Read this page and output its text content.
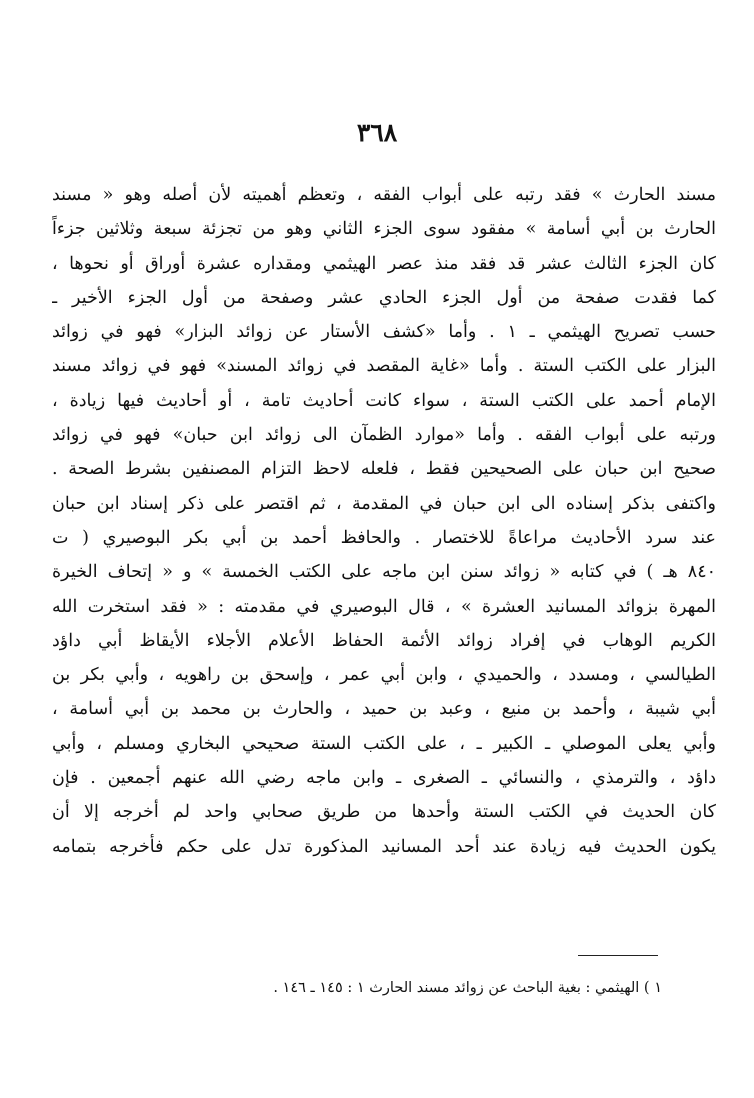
٣٦٨
مسند الحارث » فقد رتبه على أبواب الفقه ، وتعظم أهميته لأن أصله وهو « مسند
الحارث بن أبي أسامة » مفقود سوى الجزء الثاني وهو من تجزئة سبعة وثلاثين جزءاً
كان الجزء الثالث عشر قد فقد منذ عصر الهيثمي ومقداره عشرة أوراق أو نحوها ،
كما فقدت صفحة من أول الجزء الحادي عشر وصفحة من أول الجزء الأخير ـ
حسب تصريح الهيثمي ـ ١ . وأما «كشف الأستار عن زوائد البزار» فهو في زوائد
البزار على الكتب الستة . وأما «غاية المقصد في زوائد المسند» فهو في زوائد مسند
الإمام أحمد على الكتب الستة ، سواء كانت أحاديث تامة ، أو أحاديث فيها زيادة ،
ورتبه على أبواب الفقه . وأما «موارد الظمآن الى زوائد ابن حبان» فهو في زوائد
صحيح ابن حبان على الصحيحين فقط ، فلعله لاحظ التزام المصنفين بشرط الصحة .
واكتفى بذكر إسناده الى ابن حبان في المقدمة ، ثم اقتصر على ذكر إسناد ابن حبان
عند سرد الأحاديث مراعاةً للاختصار . والحافظ أحمد بن أبي بكر البوصيري ( ت
٨٤٠ هـ ) في كتابه « زوائد سنن ابن ماجه على الكتب الخمسة » و « إتحاف الخيرة
المهرة بزوائد المسانيد العشرة » ، قال البوصيري في مقدمته : « فقد استخرت الله
الكريم الوهاب في إفراد زوائد الأئمة الحفاظ الأعلام الأجلاء الأيقاظ أبي داؤد
الطيالسي ، ومسدد ، والحميدي ، وابن أبي عمر ، وإسحق بن راهويه ، وأبي بكر بن
أبي شيبة ، وأحمد بن منيع ، وعبد بن حميد ، والحارث بن محمد بن أبي أسامة ،
وأبي يعلى الموصلي ـ الكبير ـ ، على الكتب الستة صحيحي البخاري ومسلم ، وأبي
داؤد ، والترمذي ، والنسائي ـ الصغرى ـ وابن ماجه رضي الله عنهم أجمعين . فإن
كان الحديث في الكتب الستة وأحدها من طريق صحابي واحد لم أخرجه إلا أن
يكون الحديث فيه زيادة عند أحد المسانيد المذكورة تدل على حكم فأخرجه بتمامه
١ ) الهيثمي : بغية الباحث عن زوائد مسند الحارث ١ : ١٤٥ ـ ١٤٦ .
